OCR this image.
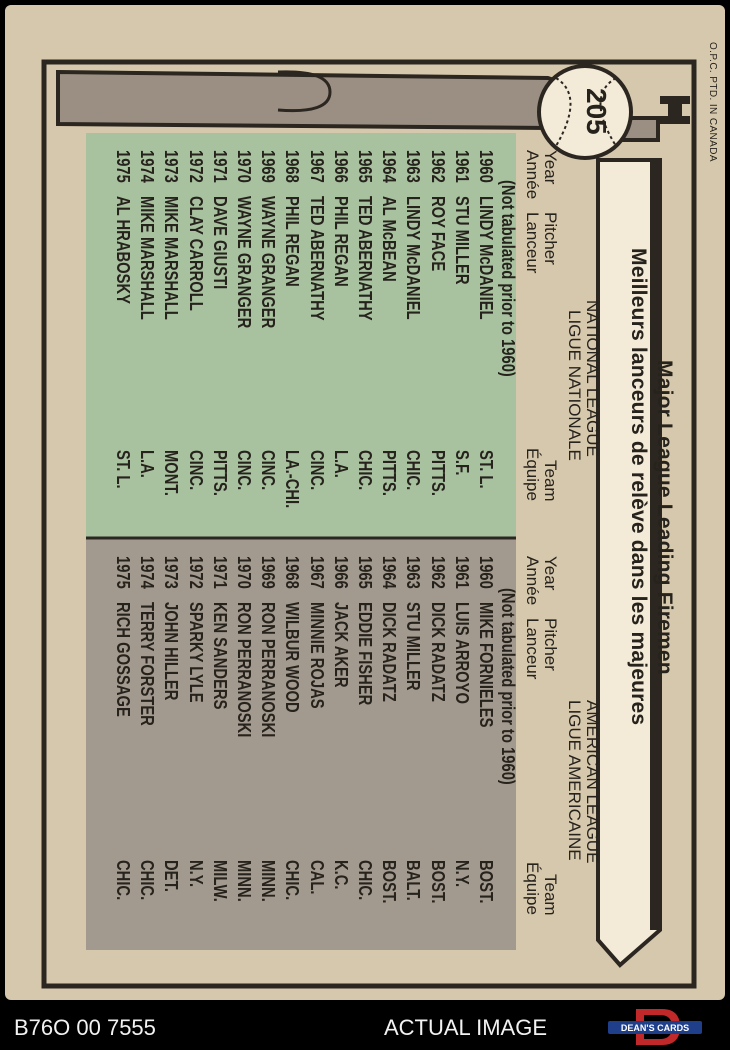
O.P.C. PTD. IN CANADA
205
Major League Leading Firemen
Meilleurs lanceurs de relève dans les majeures
NATIONAL LEAGUE
LIGUE NATIONALE
Year
Année
Pitcher
Lanceur
Team
Équipe
(Not tabulated prior to 1960)
1960
LINDY McDANIEL
ST. L.
1961
STU MILLER
S.F.
1962
ROY FACE
PITTS.
1963
LINDY McDANIEL
CHIC.
1964
AL McBEAN
PITTS.
1965
TED ABERNATHY
CHIC.
1966
PHIL REGAN
L.A.
1967
TED ABERNATHY
CINC.
1968
PHIL REGAN
LA.-CHI.
1969
WAYNE GRANGER
CINC.
1970
WAYNE GRANGER
CINC.
1971
DAVE GIUSTI
PITTS.
1972
CLAY CARROLL
CINC.
1973
MIKE MARSHALL
MONT.
1974
MIKE MARSHALL
L.A.
1975
AL HRABOSKY
ST. L.
AMERICAN LEAGUE
LIGUE AMERICAINE
Year
Année
Pitcher
Lanceur
Team
Équipe
(Not tabulated prior to 1960)
1960
MIKE FORNIELES
BOST.
1961
LUIS ARROYO
N.Y.
1962
DICK RADATZ
BOST.
1963
STU MILLER
BALT.
1964
DICK RADATZ
BOST.
1965
EDDIE FISHER
CHIC.
1966
JACK AKER
K.C.
1967
MINNIE ROJAS
CAL.
1968
WILBUR WOOD
CHIC.
1969
RON PERRANOSKI
MINN.
1970
RON PERRANOSKI
MINN.
1971
KEN SANDERS
MILW.
1972
SPARKY LYLE
N.Y.
1973
JOHN HILLER
DET.
1974
TERRY FORSTER
CHIC.
1975
RICH GOSSAGE
CHIC.
B76O 00 7555	ACTUAL IMAGE	DEAN'S CARDS
